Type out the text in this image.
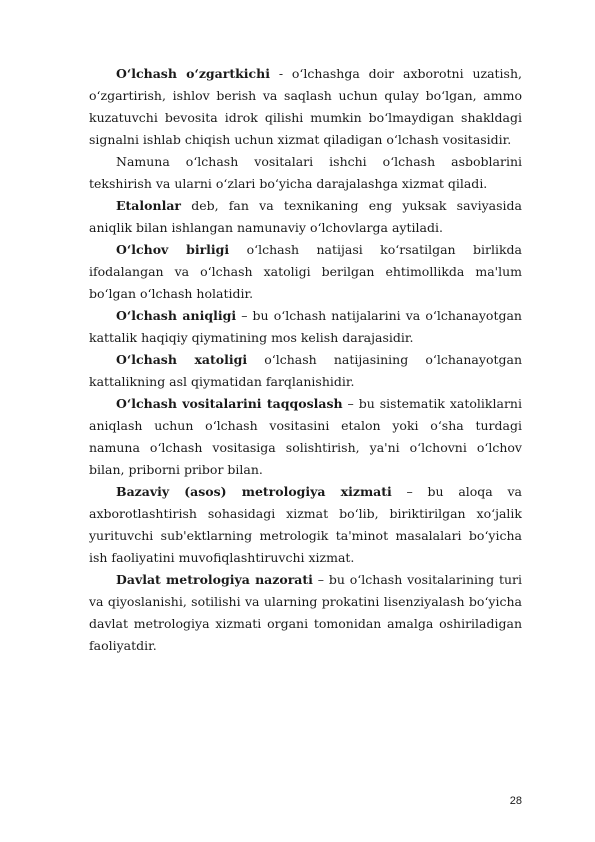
O‘lchash o‘zgartkichi - o‘lchashga doir axborotni uzatish, o‘zgartirish, ishlov berish va saqlash uchun qulay bo‘lgan, ammo kuzatuvchi bevosita idrok qilishi mumkin bo‘lmaydigan shakldagi signalni ishlab chiqish uchun xizmat qiladigan o‘lchash vositasidir.

Namuna o‘lchash vositalari ishchi o‘lchash asboblarini tekshirish va ularni o‘zlari bo‘yicha darajalashga xizmat qiladi.

Etalonlar deb, fan va texnikaning eng yuksak saviyasida aniqlik bilan ishlangan namunaviy o‘lchovlarga aytiladi.

O‘lchov birligi o‘lchash natijasi ko‘rsatilgan birlikda ifodalangan va o‘lchash xatoligi berilgan ehtimollikda ma'lum bo‘lgan o‘lchash holatidir.

O‘lchash aniqligi – bu o‘lchash natijalarini va o‘lchanayotgan kattalik haqiqiy qiymatining mos kelish darajasidir.

O‘lchash xatoligi o‘lchash natijasining o‘lchanayotgan kattalikning asl qiymatidan farqlanishidir.

O‘lchash vositalarini taqqoslash – bu sistematik xatoliklarni aniqlash uchun o‘lchash vositasini etalon yoki o‘sha turdagi namuna o‘lchash vositasiga solishtirish, ya'ni o‘lchovni o‘lchov bilan, priborni pribor bilan.

Bazaviy (asos) metrologiya xizmati – bu aloqa va axborotlashtirish sohasidagi xizmat bo‘lib, biriktirilgan xo‘jalik yurituvchi sub'ektlarning metrologik ta'minot masalalari bo‘yicha ish faoliyatini muvofiqlashtiruvchi xizmat.

Davlat metrologiya nazorati – bu o‘lchash vositalarining turi va qiyoslanishi, sotilishi va ularning prokatini lisenziyalash bo‘yicha davlat metrologiya xizmati organi tomonidan amalga oshiriladigan faoliyatdir.

28
